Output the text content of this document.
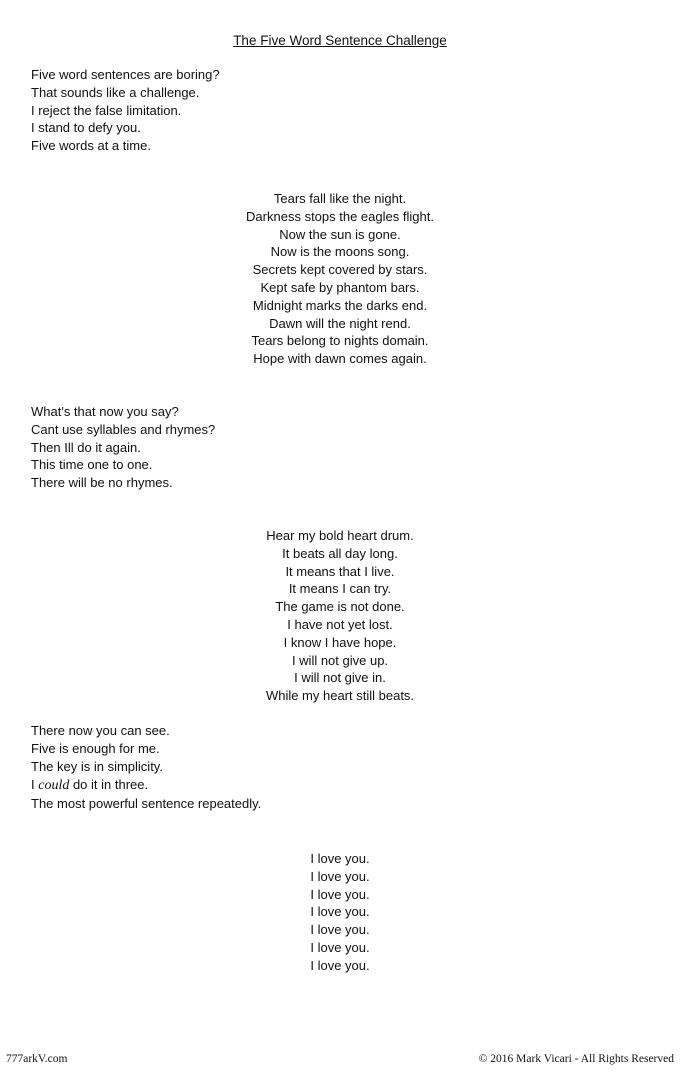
The Five Word Sentence Challenge
Five word sentences are boring?
That sounds like a challenge.
I reject the false limitation.
I stand to defy you.
Five words at a time.
Tears fall like the night.
Darkness stops the eagles flight.
Now the sun is gone.
Now is the moons song.
Secrets kept covered by stars.
Kept safe by phantom bars.
Midnight marks the darks end.
Dawn will the night rend.
Tears belong to nights domain.
Hope with dawn comes again.
What's that now you say?
Cant use syllables and rhymes?
Then Ill do it again.
This time one to one.
There will be no rhymes.
Hear my bold heart drum.
It beats all day long.
It means that I live.
It means I can try.
The game is not done.
I have not yet lost.
I know I have hope.
I will not give up.
I will not give in.
While my heart still beats.
There now you can see.
Five is enough for me.
The key is in simplicity.
I could do it in three.
The most powerful sentence repeatedly.
I love you.
I love you.
I love you.
I love you.
I love you.
I love you.
I love you.
777arkV.com	© 2016 Mark Vicari - All Rights Reserved
